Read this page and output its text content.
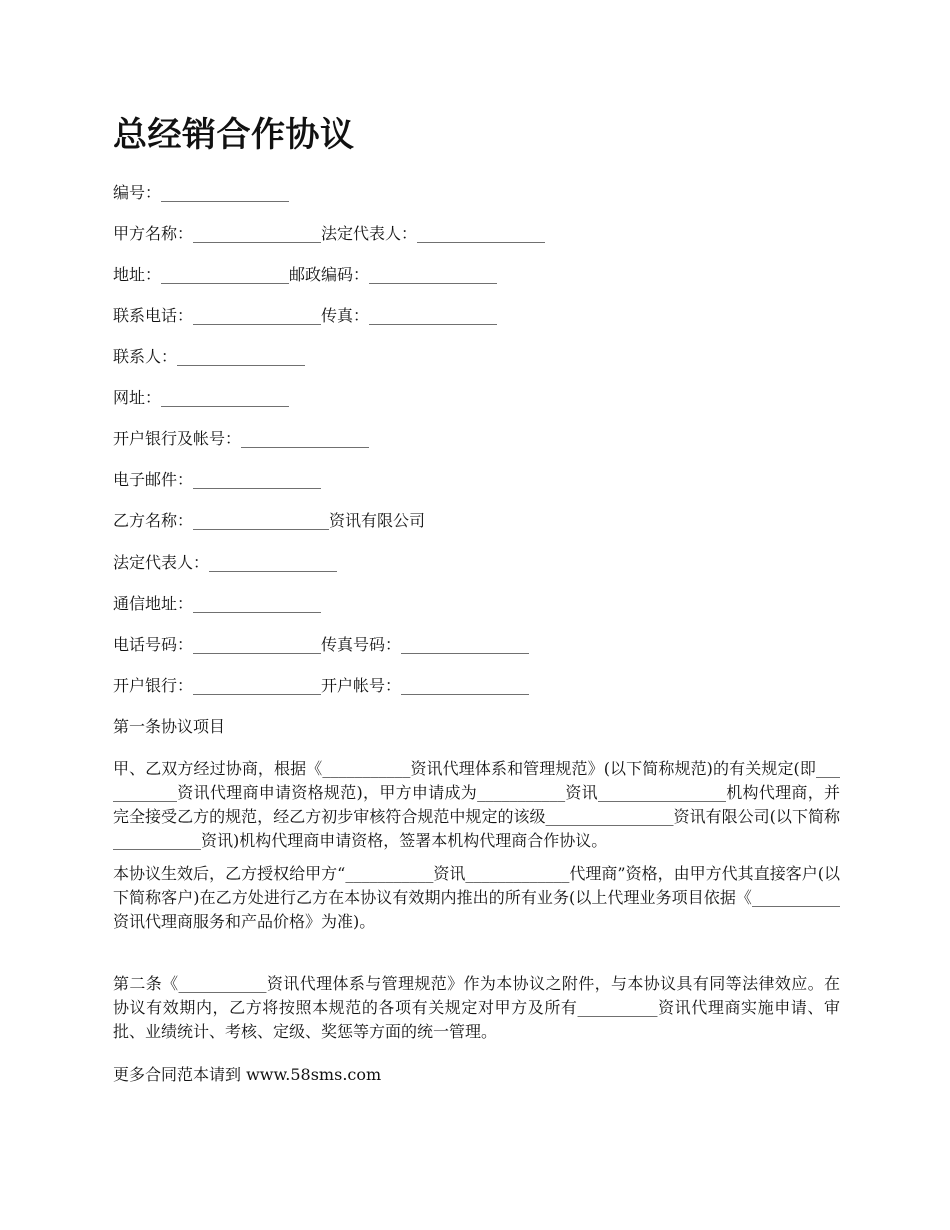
总经销合作协议

编号：________________

甲方名称：________________法定代表人：________________

地址：________________邮政编码：________________

联系电话：________________传真：________________

联系人：________________

网址：________________

开户银行及帐号：________________

电子邮件：________________

乙方名称：_________________资讯有限公司

法定代表人：________________

通信地址：________________

电话号码：________________传真号码：________________

开户银行：________________开户帐号：________________

第一条协议项目

甲、乙双方经过协商，根据《___________资讯代理体系和管理规范》(以下简称规范)的有关规定(即___________资讯代理商申请资格规范)，甲方申请成为___________资讯________________机构代理商，并完全接受乙方的规范，经乙方初步审核符合规范中规定的该级________________资讯有限公司(以下简称___________资讯)机构代理商申请资格，签署本机构代理商合作协议。

本协议生效后，乙方授权给甲方“___________资讯_____________代理商”资格，由甲方代其直接客户(以下简称客户)在乙方处进行乙方在本协议有效期内推出的所有业务(以上代理业务项目依据《___________资讯代理商服务和产品价格》为准)。

第二条《___________资讯代理体系与管理规范》作为本协议之附件，与本协议具有同等法律效应。在协议有效期内，乙方将按照本规范的各项有关规定对甲方及所有__________资讯代理商实施申请、审批、业绩统计、考核、定级、奖惩等方面的统一管理。

更多合同范本请到 www.58sms.com
